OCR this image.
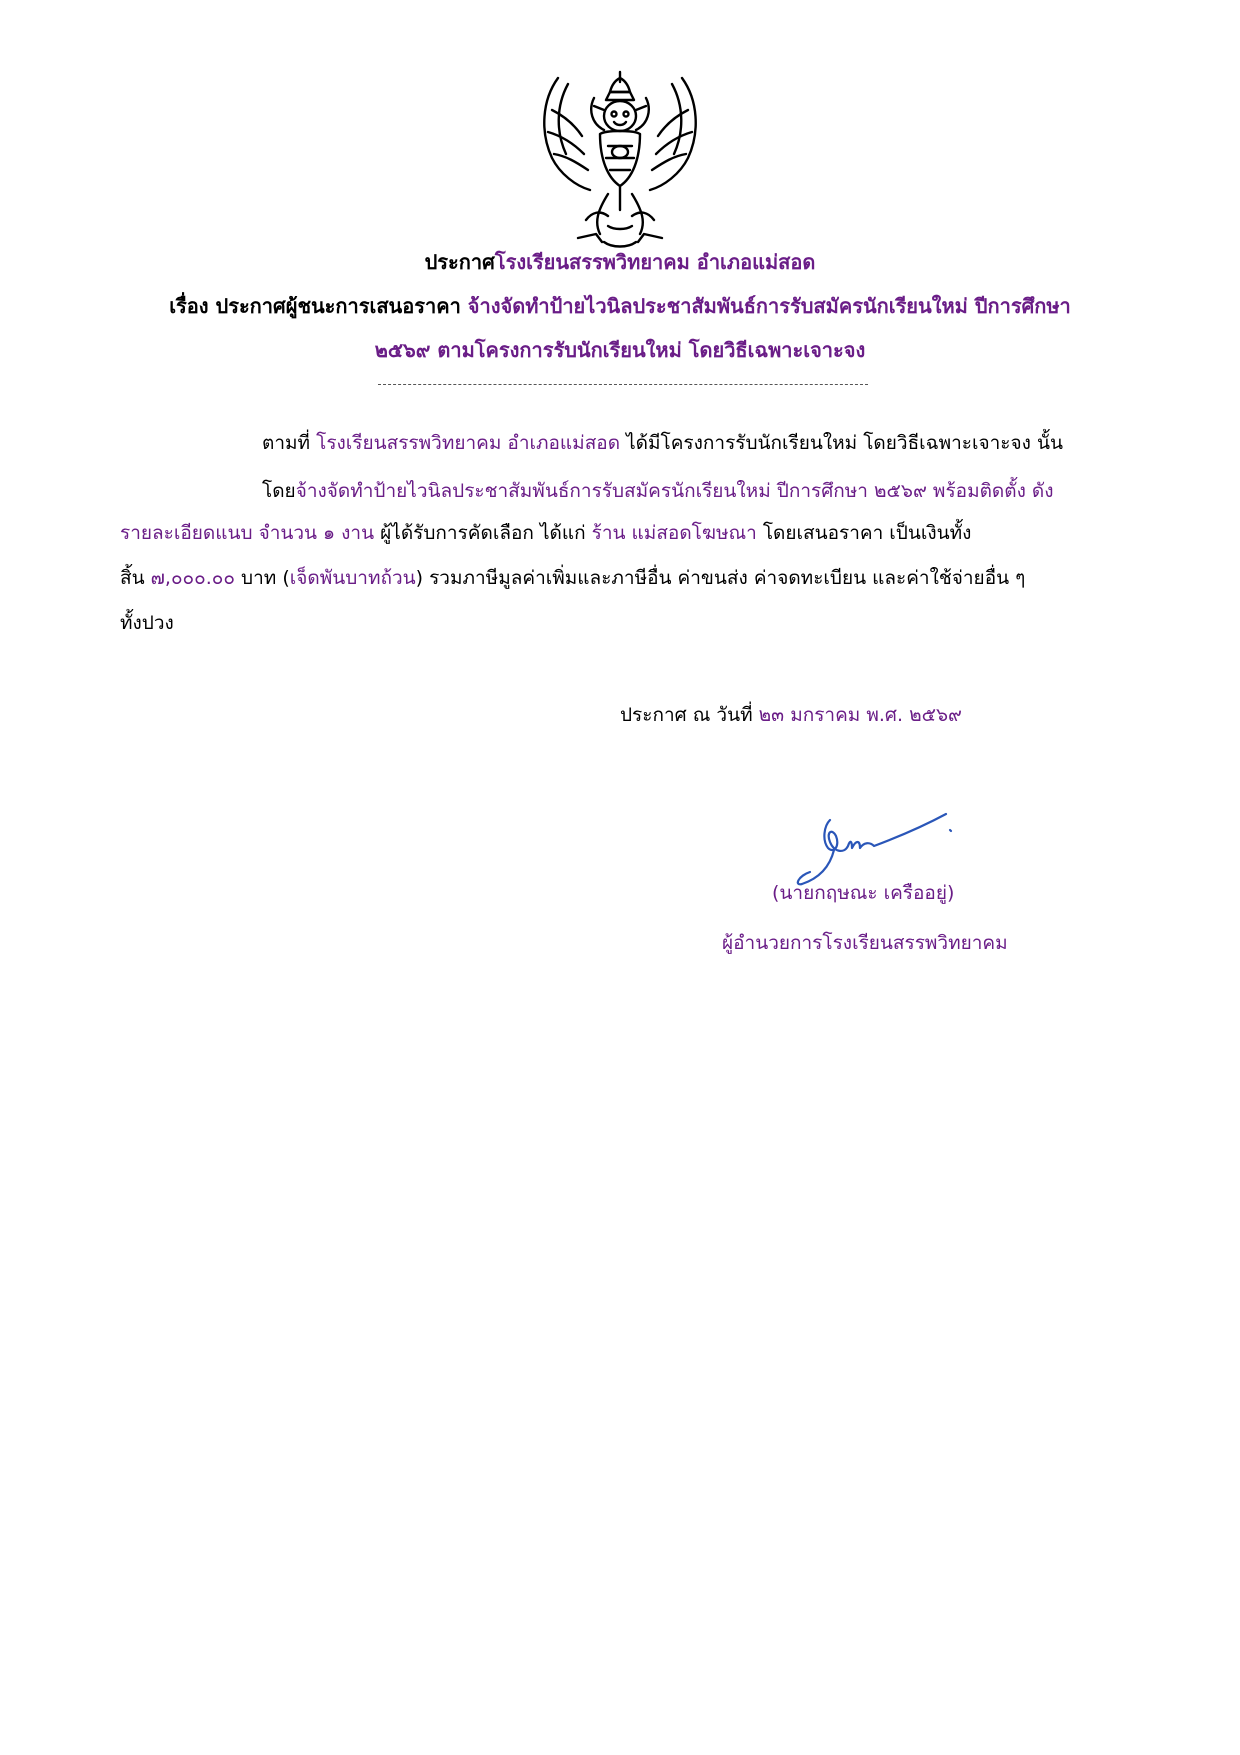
ประกาศโรงเรียนสรรพวิทยาคม อำเภอแม่สอด
เรื่อง ประกาศผู้ชนะการเสนอราคา จ้างจัดทำป้ายไวนิลประชาสัมพันธ์การรับสมัครนักเรียนใหม่ ปีการศึกษา
๒๕๖๙ ตามโครงการรับนักเรียนใหม่ โดยวิธีเฉพาะเจาะจง
ตามที่ โรงเรียนสรรพวิทยาคม อำเภอแม่สอด ได้มีโครงการรับนักเรียนใหม่ โดยวิธีเฉพาะเจาะจง นั้น
โดยจ้างจัดทำป้ายไวนิลประชาสัมพันธ์การรับสมัครนักเรียนใหม่ ปีการศึกษา ๒๕๖๙ พร้อมติดตั้ง ดัง
รายละเอียดแนบ จำนวน ๑ งาน ผู้ได้รับการคัดเลือก ได้แก่ ร้าน แม่สอดโฆษณา โดยเสนอราคา เป็นเงินทั้ง
สิ้น ๗,๐๐๐.๐๐ บาท (เจ็ดพันบาทถ้วน) รวมภาษีมูลค่าเพิ่มและภาษีอื่น ค่าขนส่ง ค่าจดทะเบียน และค่าใช้จ่ายอื่น ๆ
ทั้งปวง
ประกาศ ณ วันที่ ๒๓ มกราคม พ.ศ. ๒๕๖๙
(นายกฤษณะ เครืออยู่)
ผู้อำนวยการโรงเรียนสรรพวิทยาคม
